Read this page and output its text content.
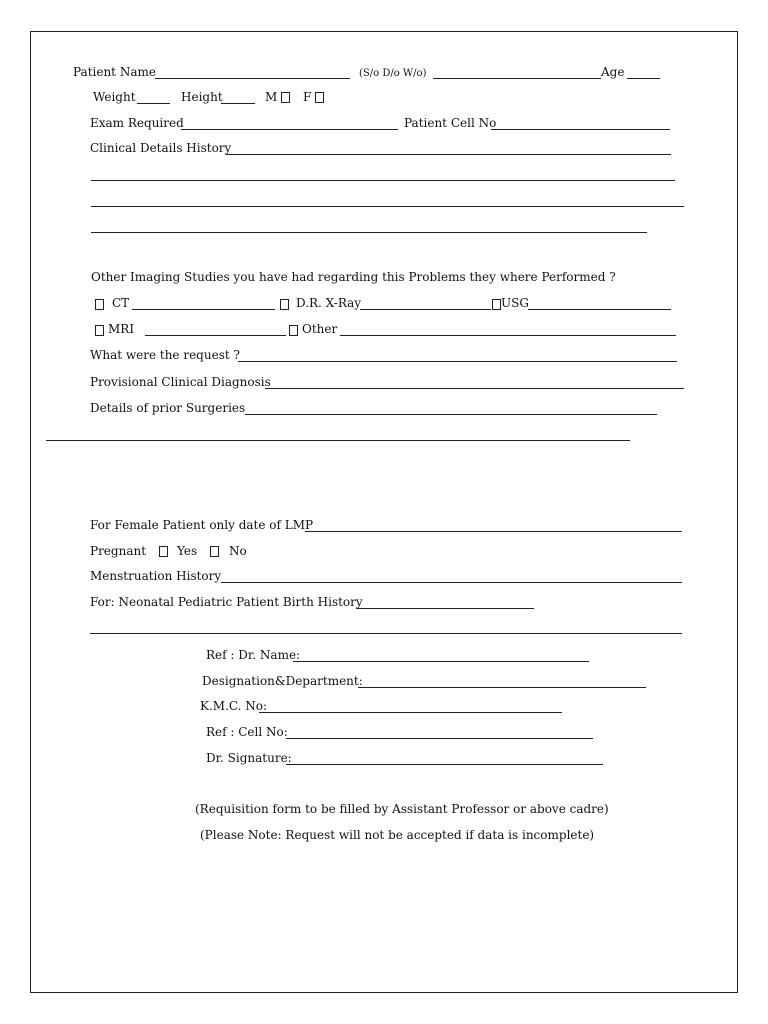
Patient Name	(S/o D/o W/o)	Age
Weight	Height	M F
Exam Required	Patient Cell No
Clinical Details History
Other Imaging Studies you have had regarding this Problems they where Performed ?
CT	D.R. X-Ray	USG
MRI	Other
What were the request ?
Provisional Clinical Diagnosis
Details of prior Surgeries
For Female Patient only date of LMP
Pregnant	Yes	No
Menstruation History
For: Neonatal Pediatric Patient Birth History
Ref : Dr. Name:
Designation&Department:
K.M.C. No:
Ref : Cell No:
Dr. Signature:
(Requisition form to be filled by Assistant Professor or above cadre)
(Please Note: Request will not be accepted if data is incomplete)
